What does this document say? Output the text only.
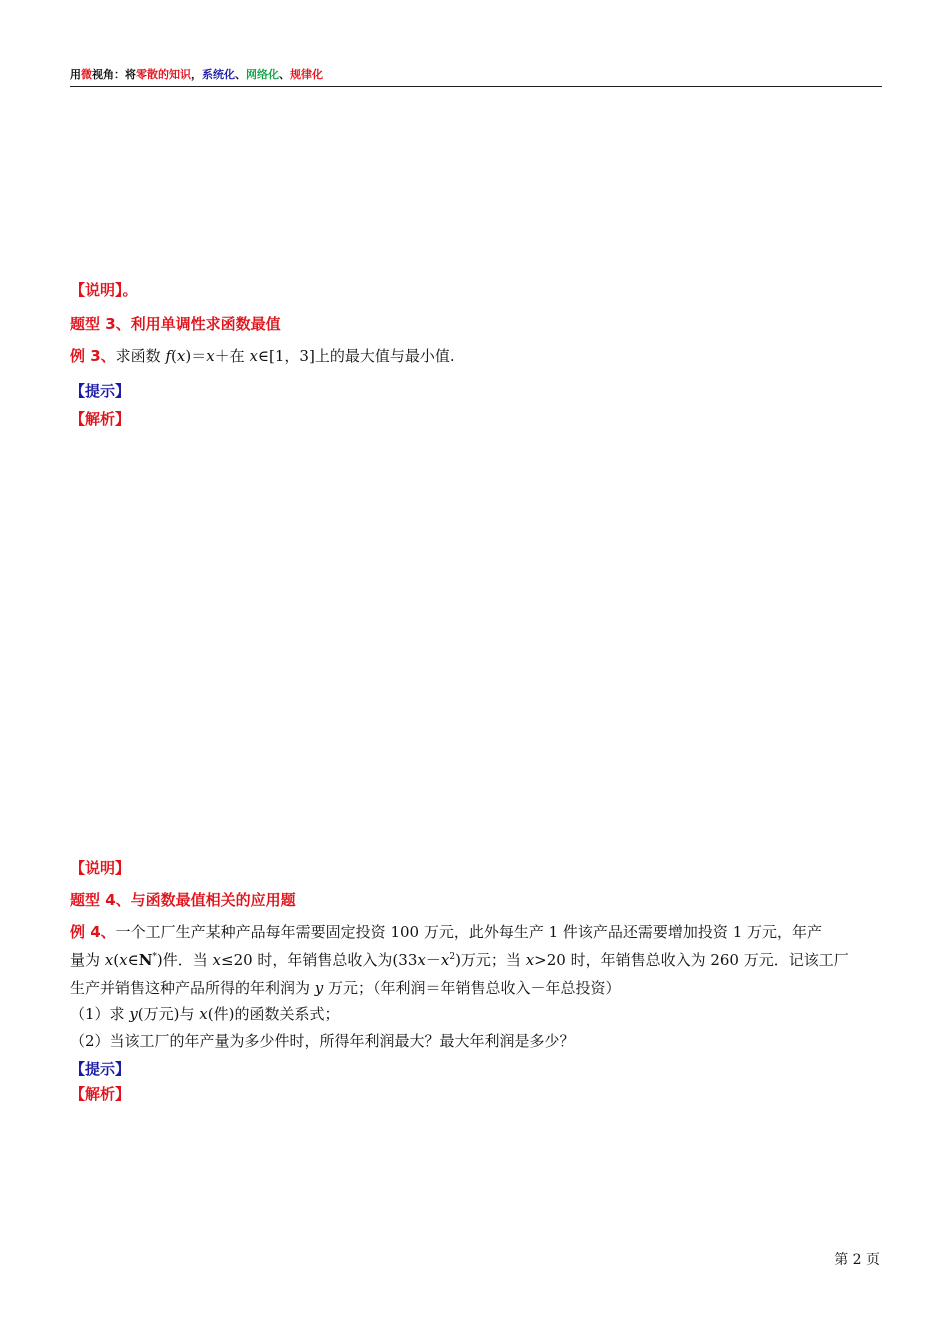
用微视角：将零散的知识，系统化、网络化、规律化
【说明】。
题型 3、利用单调性求函数最值
例 3、求函数 f(x)＝x＋在 x∈[1，3]上的最大值与最小值.
【提示】
【解析】
【说明】
题型 4、与函数最值相关的应用题
例 4、一个工厂生产某种产品每年需要固定投资 100 万元，此外每生产 1 件该产品还需要增加投资 1 万元，年产
量为 x(x∈N*)件．当 x≤20 时，年销售总收入为$(33x-x^2)$万元；当 x>20 时，年销售总收入为 260 万元．记该工厂
生产并销售这种产品所得的年利润为 y 万元；（年利润＝年销售总收入－年总投资）
（1）求 y(万元)与 x(件)的函数关系式；
（2）当该工厂的年产量为多少件时，所得年利润最大？最大年利润是多少？
【提示】
【解析】
第 2 页
